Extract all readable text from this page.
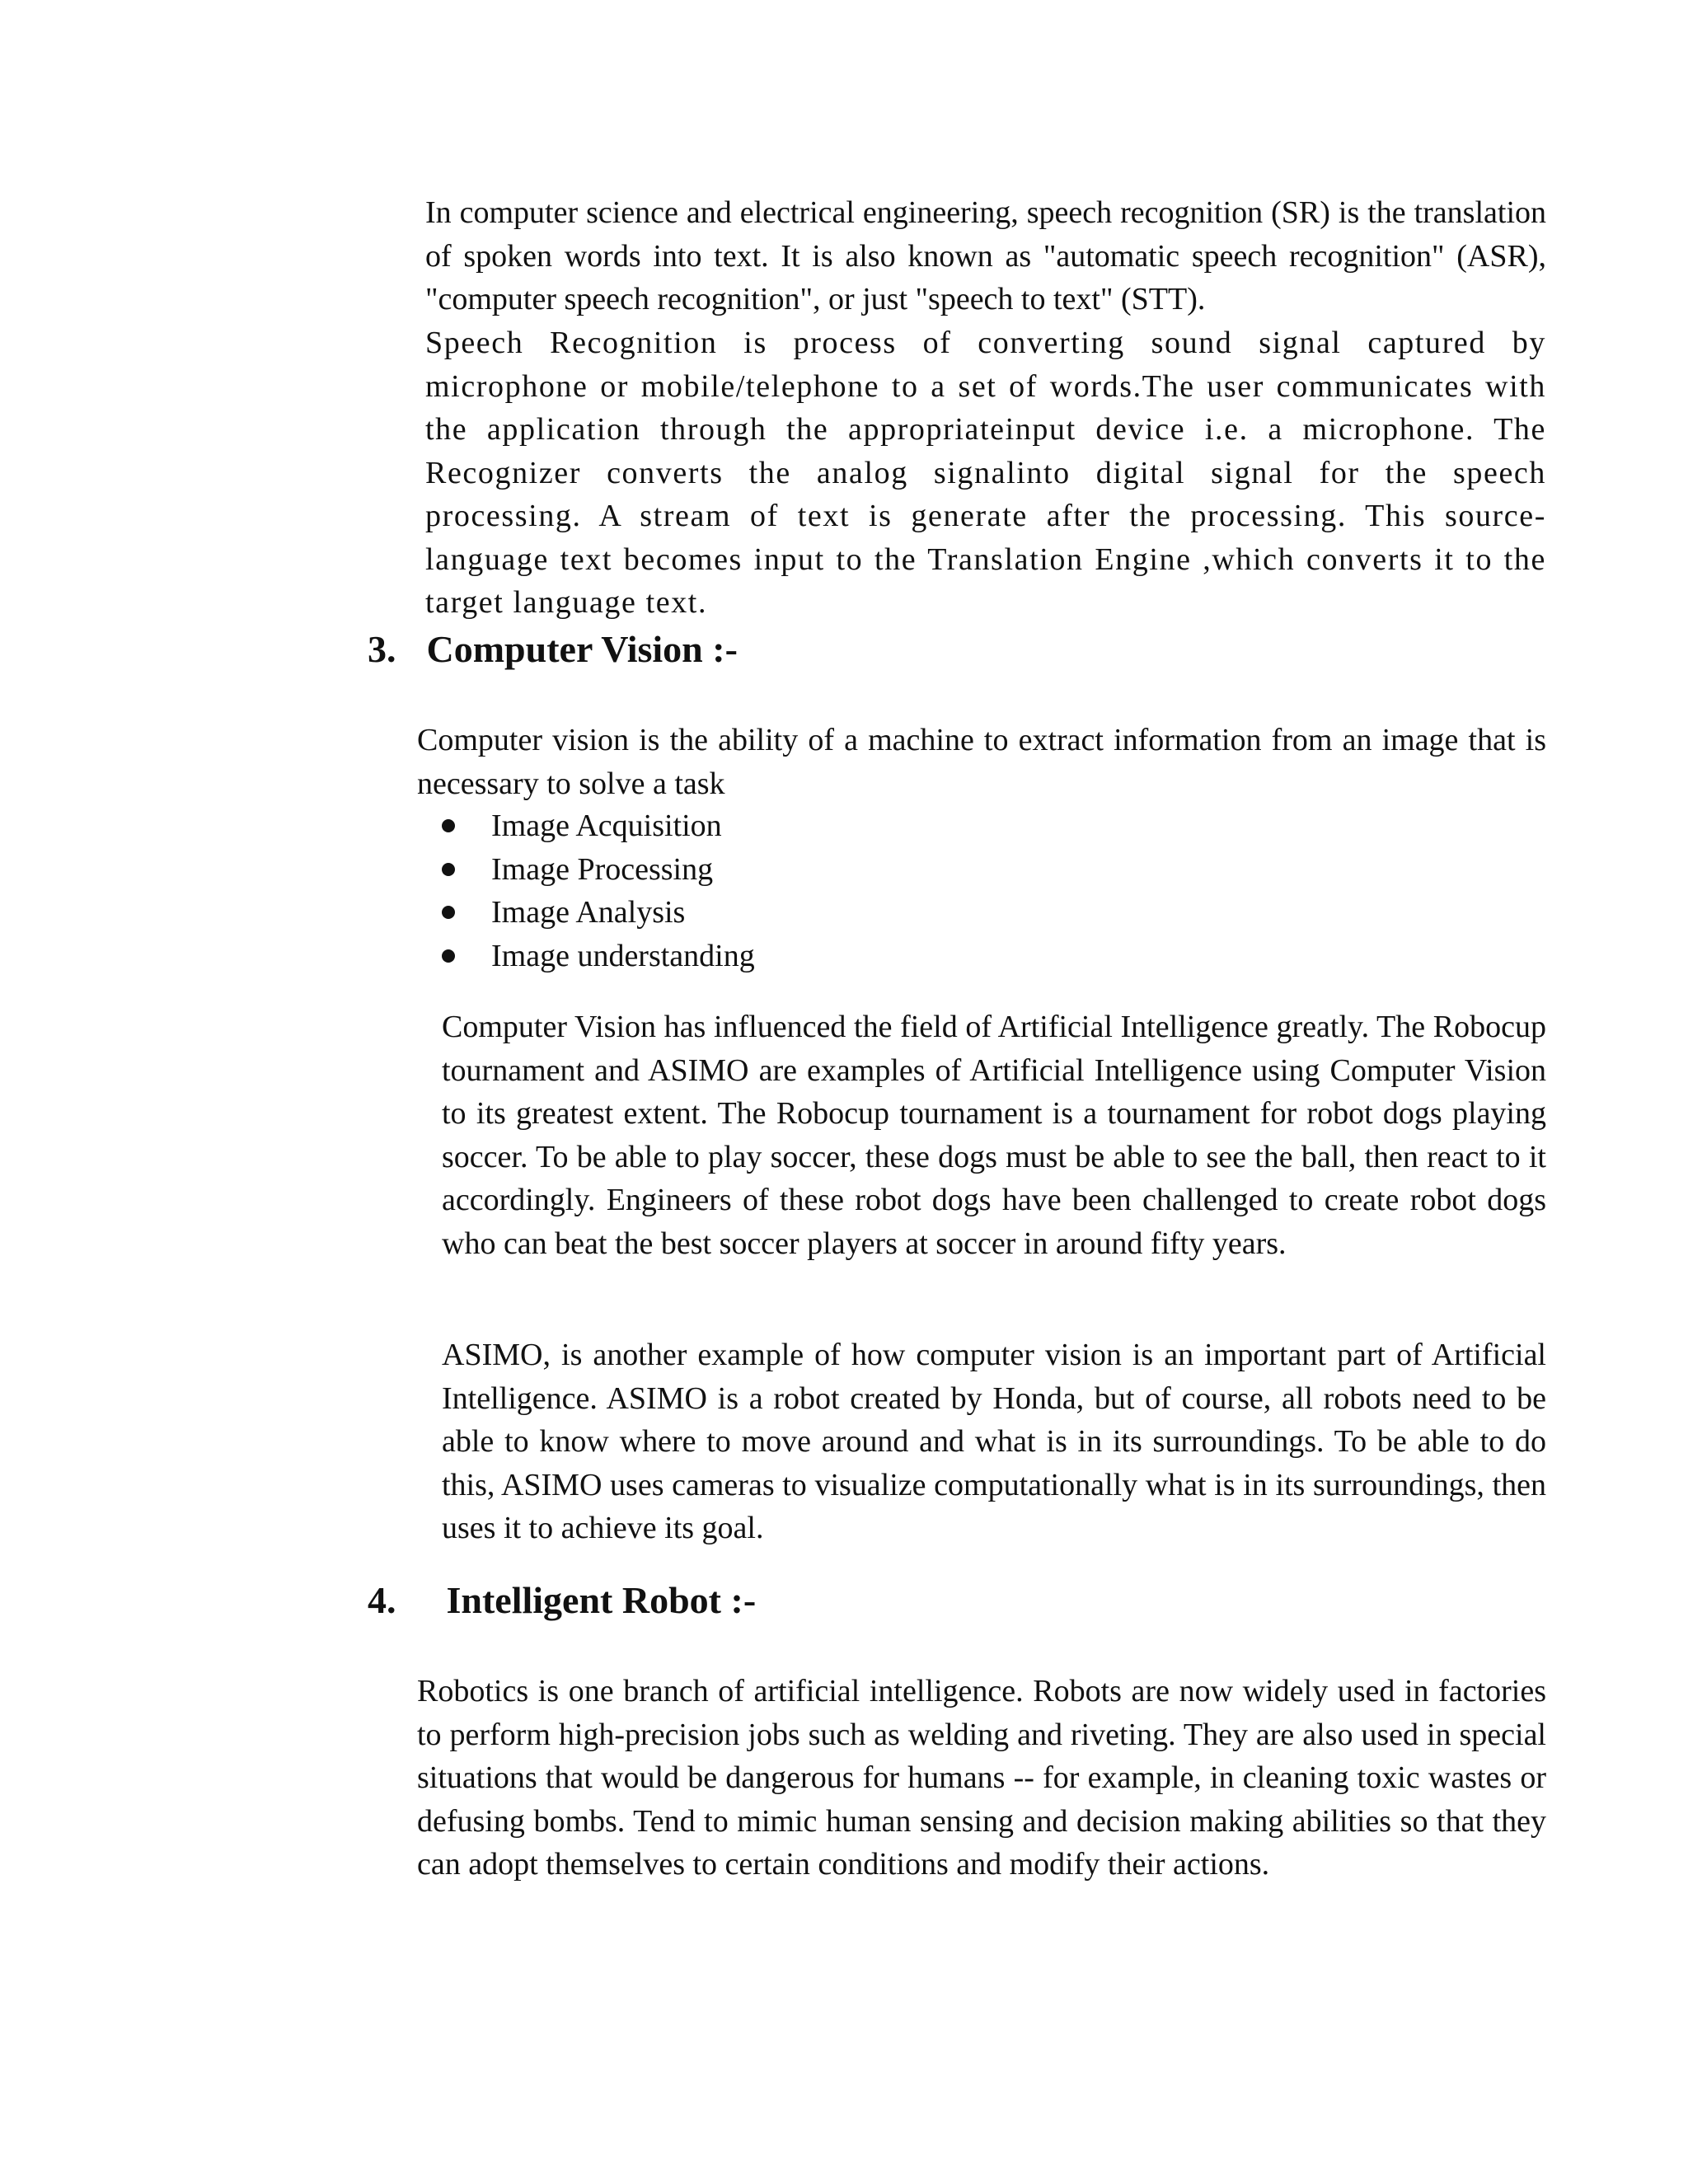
In computer science and electrical engineering, speech recognition (SR) is the translation of spoken words into text. It is also known as "automatic speech recognition" (ASR), "computer speech recognition", or just "speech to text" (STT).

Speech Recognition is process of converting sound signal captured by microphone or mobile/telephone to a set of words.The user communicates with the application through the appropriateinput device i.e. a microphone. The Recognizer converts the analog signalinto digital signal for the speech processing. A stream of text is generate after the processing. This source-language text becomes input to the Translation Engine ,which converts it to the target language text.

3. Computer Vision :-

Computer vision is the ability of a machine to extract information from an image that is necessary to solve a task

Image Acquisition
Image Processing
Image Analysis
Image understanding

Computer Vision has influenced the field of Artificial Intelligence greatly. The Robocup tournament and ASIMO are examples of Artificial Intelligence using Computer Vision to its greatest extent. The Robocup tournament is a tournament for robot dogs playing soccer. To be able to play soccer, these dogs must be able to see the ball, then react to it accordingly. Engineers of these robot dogs have been challenged to create robot dogs who can beat the best soccer players at soccer in around fifty years.

ASIMO, is another example of how computer vision is an important part of Artificial Intelligence. ASIMO is a robot created by Honda, but of course, all robots need to be able to know where to move around and what is in its surroundings. To be able to do this, ASIMO uses cameras to visualize computationally what is in its surroundings, then uses it to achieve its goal.

4. Intelligent Robot :-

Robotics is one branch of artificial intelligence. Robots are now widely used in factories to perform high-precision jobs such as welding and riveting. They are also used in special situations that would be dangerous for humans -- for example, in cleaning toxic wastes or defusing bombs. Tend to mimic human sensing and decision making abilities so that they can adopt themselves to certain conditions and modify their actions.
